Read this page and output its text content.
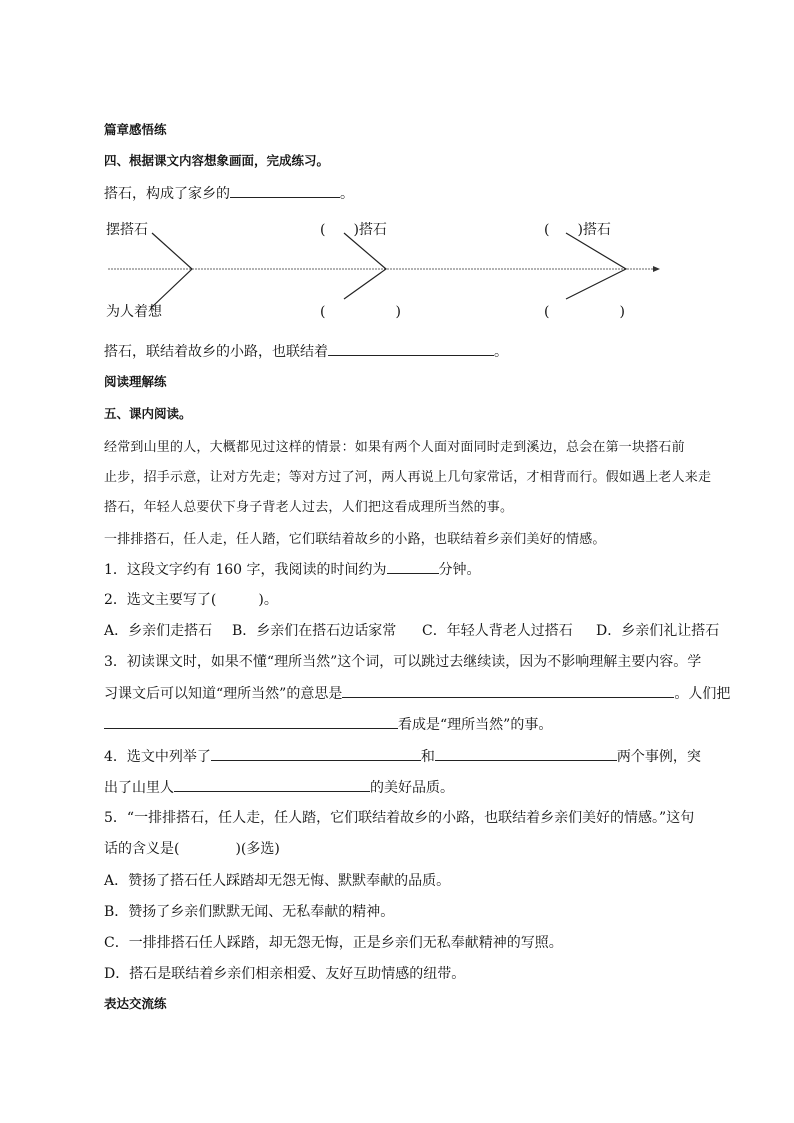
篇章感悟练
四、根据课文内容想象画面，完成练习。
搭石，构成了家乡的	。
摆搭石
为人着想
(　　)搭石
(　　　　　)
(　　)搭石
(　　　　　)
搭石，联结着故乡的小路，也联结着	。
阅读理解练
五、课内阅读。
经常到山里的人，大概都见过这样的情景：如果有两个人面对面同时走到溪边，总会在第一块搭石前
止步，招手示意，让对方先走；等对方过了河，两人再说上几句家常话，才相背而行。假如遇上老人来走
搭石，年轻人总要伏下身子背老人过去，人们把这看成理所当然的事。
一排排搭石，任人走，任人踏，它们联结着故乡的小路，也联结着乡亲们美好的情感。
1．这段文字约有 160 字，我阅读的时间约为	分钟。
2．选文主要写了(　　　)。
A．乡亲们走搭石 B．乡亲们在搭石边话家常 C．年轻人背老人过搭石 D．乡亲们礼让搭石
3．初读课文时，如果不懂“理所当然”这个词，可以跳过去继续读，因为不影响理解主要内容。学
习课文后可以知道“理所当然”的意思是	。人们把
看成是“理所当然”的事。
4．选文中列举了	和	两个事例，突
出了山里人	的美好品质。
5．“一排排搭石，任人走，任人踏，它们联结着故乡的小路，也联结着乡亲们美好的情感。”这句
话的含义是(　　　　)(多选)
A．赞扬了搭石任人踩踏却无怨无悔、默默奉献的品质。
B．赞扬了乡亲们默默无闻、无私奉献的精神。
C．一排排搭石任人踩踏，却无怨无悔，正是乡亲们无私奉献精神的写照。
D．搭石是联结着乡亲们相亲相爱、友好互助情感的纽带。
表达交流练
